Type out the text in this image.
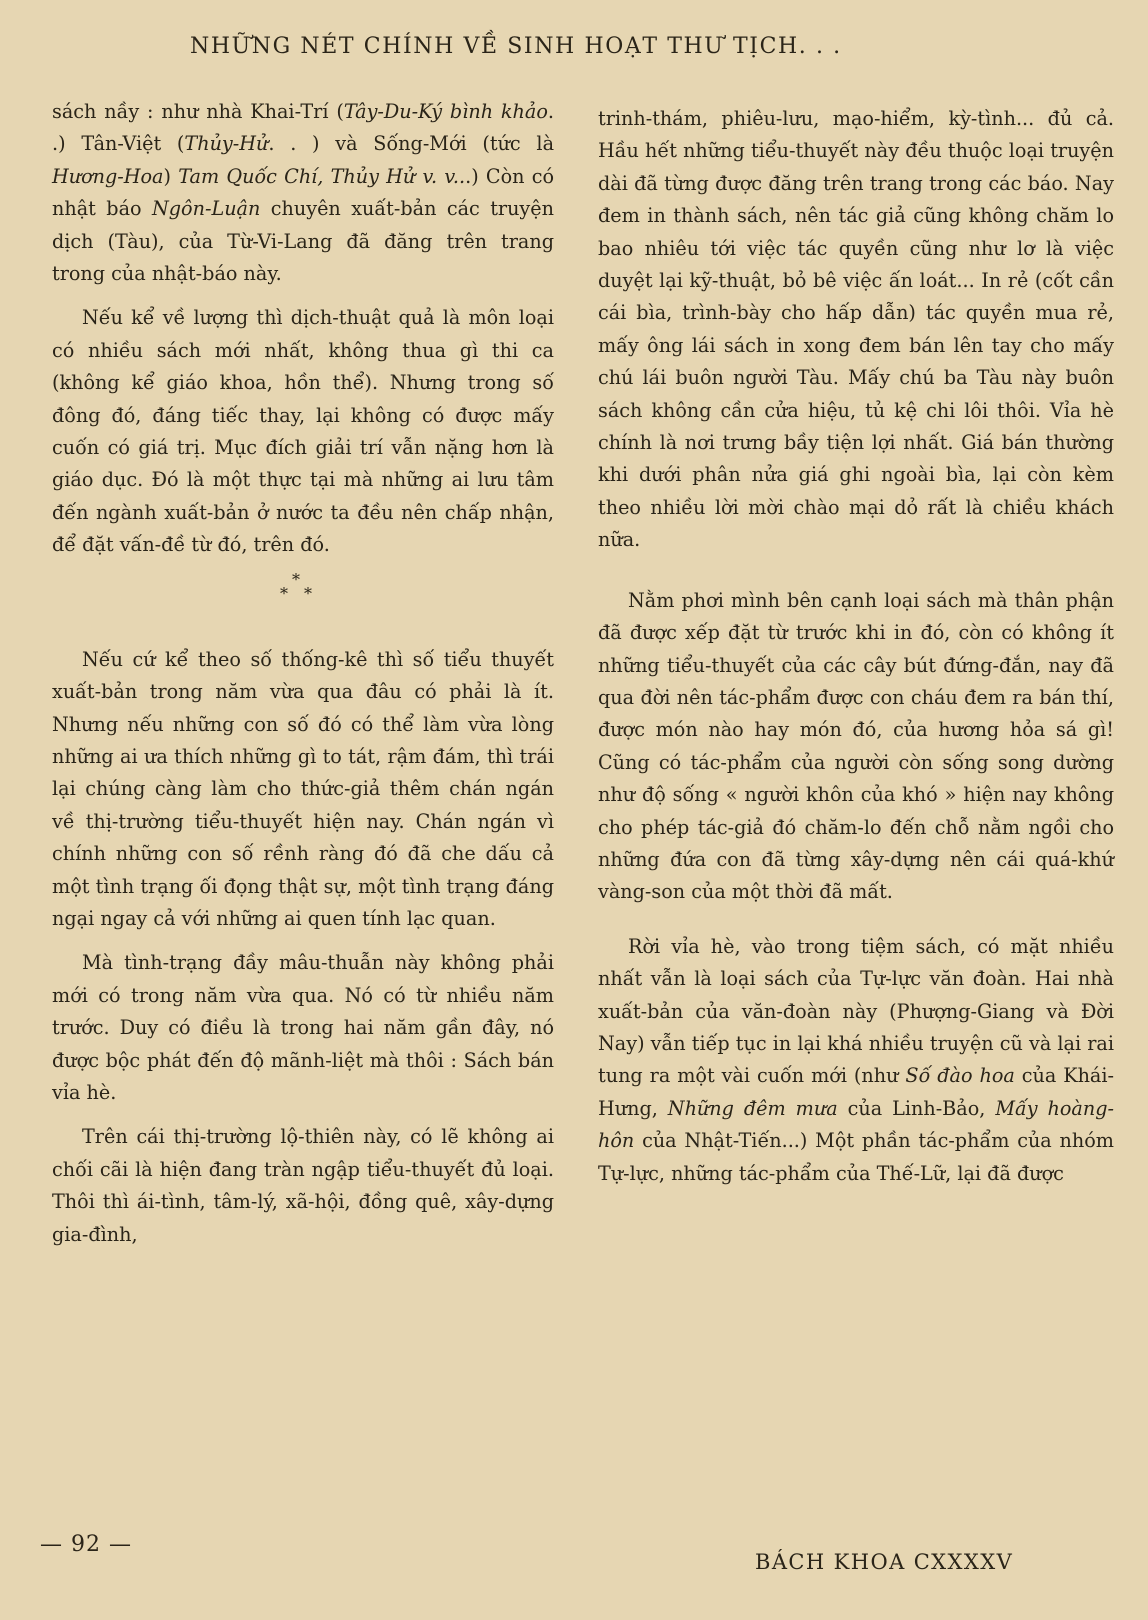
NHỮNG NÉT CHÍNH VỀ SINH HOẠT THƯ TỊCH. . .

sách nầy : như nhà Khai-Trí (Tây-Du-Ký bình khảo. .) Tân-Việt (Thủy-Hử. . ) và Sống-Mới (tức là Hương-Hoa) Tam Quốc Chí, Thủy Hử v. v...) Còn có nhật báo Ngôn-Luận chuyên xuất-bản các truyện dịch (Tàu), của Từ-Vi-Lang đã đăng trên trang trong của nhật-báo này.

Nếu kể về lượng thì dịch-thuật quả là môn loại có nhiều sách mới nhất, không thua gì thi ca (không kể giáo khoa, hồn thể). Nhưng trong số đông đó, đáng tiếc thay, lại không có được mấy cuốn có giá trị. Mục đích giải trí vẫn nặng hơn là giáo dục. Đó là một thực tại mà những ai lưu tâm đến ngành xuất-bản ở nước ta đều nên chấp nhận, để đặt vấn-đề từ đó, trên đó.

*
* *

Nếu cứ kể theo số thống-kê thì số tiểu thuyết xuất-bản trong năm vừa qua đâu có phải là ít. Nhưng nếu những con số đó có thể làm vừa lòng những ai ưa thích những gì to tát, rậm đám, thì trái lại chúng càng làm cho thức-giả thêm chán ngán về thị-trường tiểu-thuyết hiện nay. Chán ngán vì chính những con số rềnh ràng đó đã che dấu cả một tình trạng ối đọng thật sự, một tình trạng đáng ngại ngay cả với những ai quen tính lạc quan.

Mà tình-trạng đầy mâu-thuẫn này không phải mới có trong năm vừa qua. Nó có từ nhiều năm trước. Duy có điều là trong hai năm gần đây, nó được bộc phát đến độ mãnh-liệt mà thôi : Sách bán vỉa hè.

Trên cái thị-trường lộ-thiên này, có lẽ không ai chối cãi là hiện đang tràn ngập tiểu-thuyết đủ loại. Thôi thì ái-tình, tâm-lý, xã-hội, đồng quê, xây-dựng gia-đình,

trinh-thám, phiêu-lưu, mạo-hiểm, kỳ-tình... đủ cả. Hầu hết những tiểu-thuyết này đều thuộc loại truyện dài đã từng được đăng trên trang trong các báo. Nay đem in thành sách, nên tác giả cũng không chăm lo bao nhiêu tới việc tác quyền cũng như lơ là việc duyệt lại kỹ-thuật, bỏ bê việc ấn loát... In rẻ (cốt cần cái bìa, trình-bày cho hấp dẫn) tác quyền mua rẻ, mấy ông lái sách in xong đem bán lên tay cho mấy chú lái buôn người Tàu. Mấy chú ba Tàu này buôn sách không cần cửa hiệu, tủ kệ chi lôi thôi. Vỉa hè chính là nơi trưng bầy tiện lợi nhất. Giá bán thường khi dưới phân nửa giá ghi ngoài bìa, lại còn kèm theo nhiều lời mời chào mại dỏ rất là chiều khách nữa.

Nằm phơi mình bên cạnh loại sách mà thân phận đã được xếp đặt từ trước khi in đó, còn có không ít những tiểu-thuyết của các cây bút đứng-đắn, nay đã qua đời nên tác-phẩm được con cháu đem ra bán thí, được món nào hay món đó, của hương hỏa sá gì! Cũng có tác-phẩm của người còn sống song dường như độ sống « người khôn của khó » hiện nay không cho phép tác-giả đó chăm-lo đến chỗ nằm ngồi cho những đứa con đã từng xây-dựng nên cái quá-khứ vàng-son của một thời đã mất.

Rời vỉa hè, vào trong tiệm sách, có mặt nhiều nhất vẫn là loại sách của Tự-lực văn đoàn. Hai nhà xuất-bản của văn-đoàn này (Phượng-Giang và Đời Nay) vẫn tiếp tục in lại khá nhiều truyện cũ và lại rai tung ra một vài cuốn mới (như Số đào hoa của Khái-Hưng, Những đêm mưa của Linh-Bảo, Mấy hoàng-hôn của Nhật-Tiến...) Một phần tác-phẩm của nhóm Tự-lực, những tác-phẩm của Thế-Lữ, lại đã được

— 92 —
BÁCH KHOA CXXXXV
